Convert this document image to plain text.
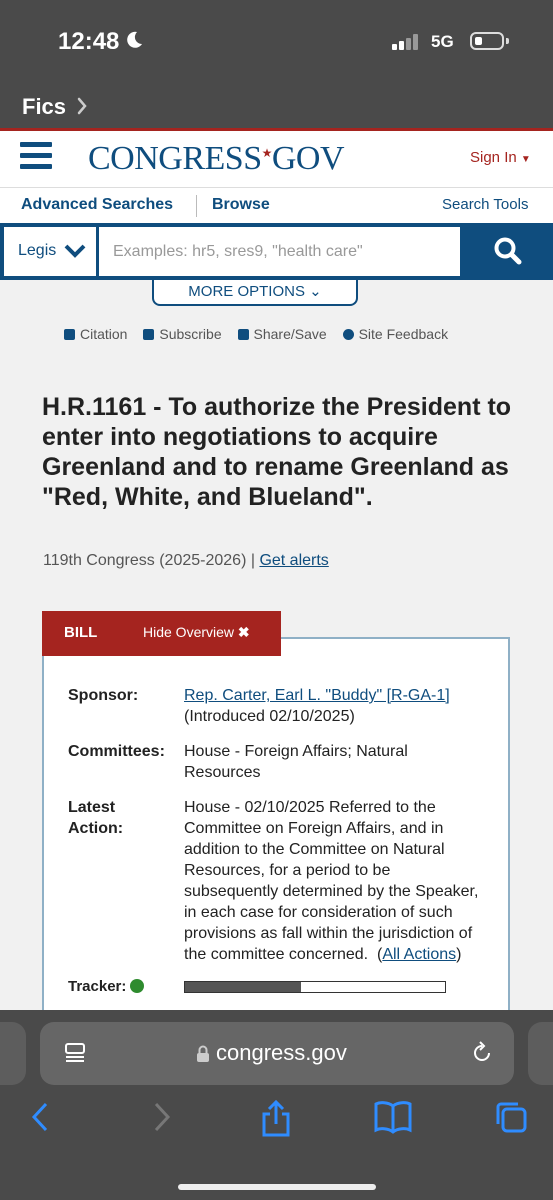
12:48	5G
Fics
CONGRESS★GOV	Sign In ▼
Advanced Searches Browse	Search Tools
Legis
Examples: hr5, sres9, "health care"
MORE OPTIONS ⌄
Citation Subscribe Share/Save Site Feedback
H.R.1161 - To authorize the President to enter into negotiations to acquire Greenland and to rename Greenland as "Red, White, and Blueland".
119th Congress (2025-2026) | Get alerts
Sponsor:	Rep. Carter, Earl L. "Buddy" [R-GA-1]
(Introduced 02/10/2025)
Committees:	House - Foreign Affairs; Natural Resources
Latest Action:
House - 02/10/2025 Referred to the Committee on Foreign Affairs, and in addition to the Committee on Natural Resources, for a period to be subsequently determined by the Speaker, in each case for consideration of such provisions as fall within the jurisdiction of the committee concerned.  (All Actions)
Tracker:
BILL	Hide Overview ✖
congress.gov
